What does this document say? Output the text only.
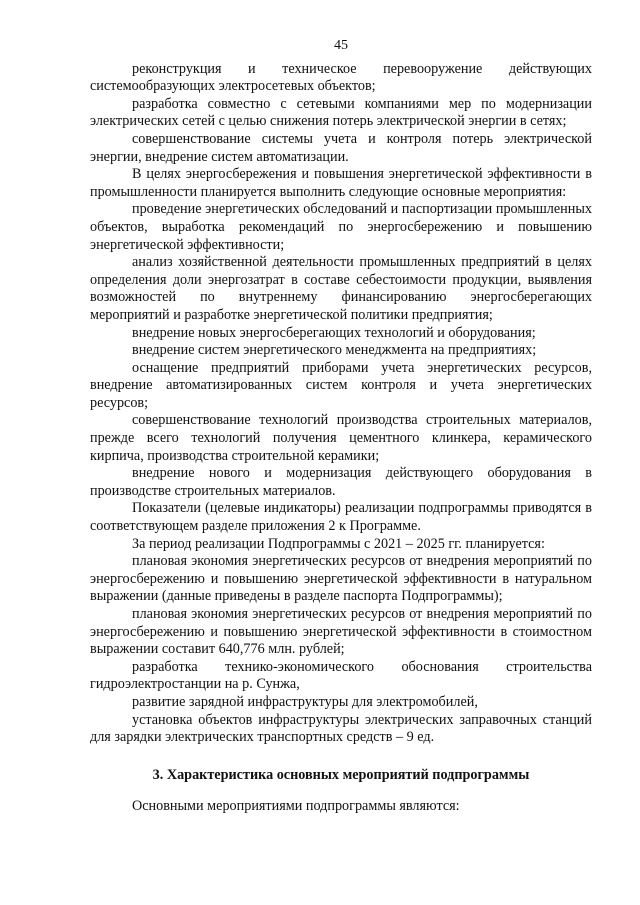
45

реконструкция и техническое перевооружение действующих системообразующих электросетевых объектов;

разработка совместно с сетевыми компаниями мер по модернизации электрических сетей с целью снижения потерь электрической энергии в сетях;

совершенствование системы учета и контроля потерь электрической энергии, внедрение систем автоматизации.

В целях энергосбережения и повышения энергетической эффективности в промышленности планируется выполнить следующие основные мероприятия:

проведение энергетических обследований и паспортизации промышленных объектов, выработка рекомендаций по энергосбережению и повышению энергетической эффективности;

анализ хозяйственной деятельности промышленных предприятий в целях определения доли энергозатрат в составе себестоимости продукции, выявления возможностей по внутреннему финансированию энергосберегающих мероприятий и разработке энергетической политики предприятия;

внедрение новых энергосберегающих технологий и оборудования;

внедрение систем энергетического менеджмента на предприятиях;

оснащение предприятий приборами учета энергетических ресурсов, внедрение автоматизированных систем контроля и учета энергетических ресурсов;

совершенствование технологий производства строительных материалов, прежде всего технологий получения цементного клинкера, керамического кирпича, производства строительной керамики;

внедрение нового и модернизация действующего оборудования в производстве строительных материалов.

Показатели (целевые индикаторы) реализации подпрограммы приводятся в соответствующем разделе приложения 2 к Программе.

За период реализации Подпрограммы с 2021 – 2025 гг. планируется:

плановая экономия энергетических ресурсов от внедрения мероприятий по энергосбережению и повышению энергетической эффективности в натуральном выражении (данные приведены в разделе паспорта Подпрограммы);

плановая экономия энергетических ресурсов от внедрения мероприятий по энергосбережению и повышению энергетической эффективности в стоимостном выражении составит 640,776 млн. рублей;

разработка технико-экономического обоснования строительства гидроэлектростанции на р. Сунжа,

развитие зарядной инфраструктуры для электромобилей,

установка объектов инфраструктуры электрических заправочных станций для зарядки электрических транспортных средств – 9 ед.

3. Характеристика основных мероприятий подпрограммы

Основными мероприятиями подпрограммы являются:
